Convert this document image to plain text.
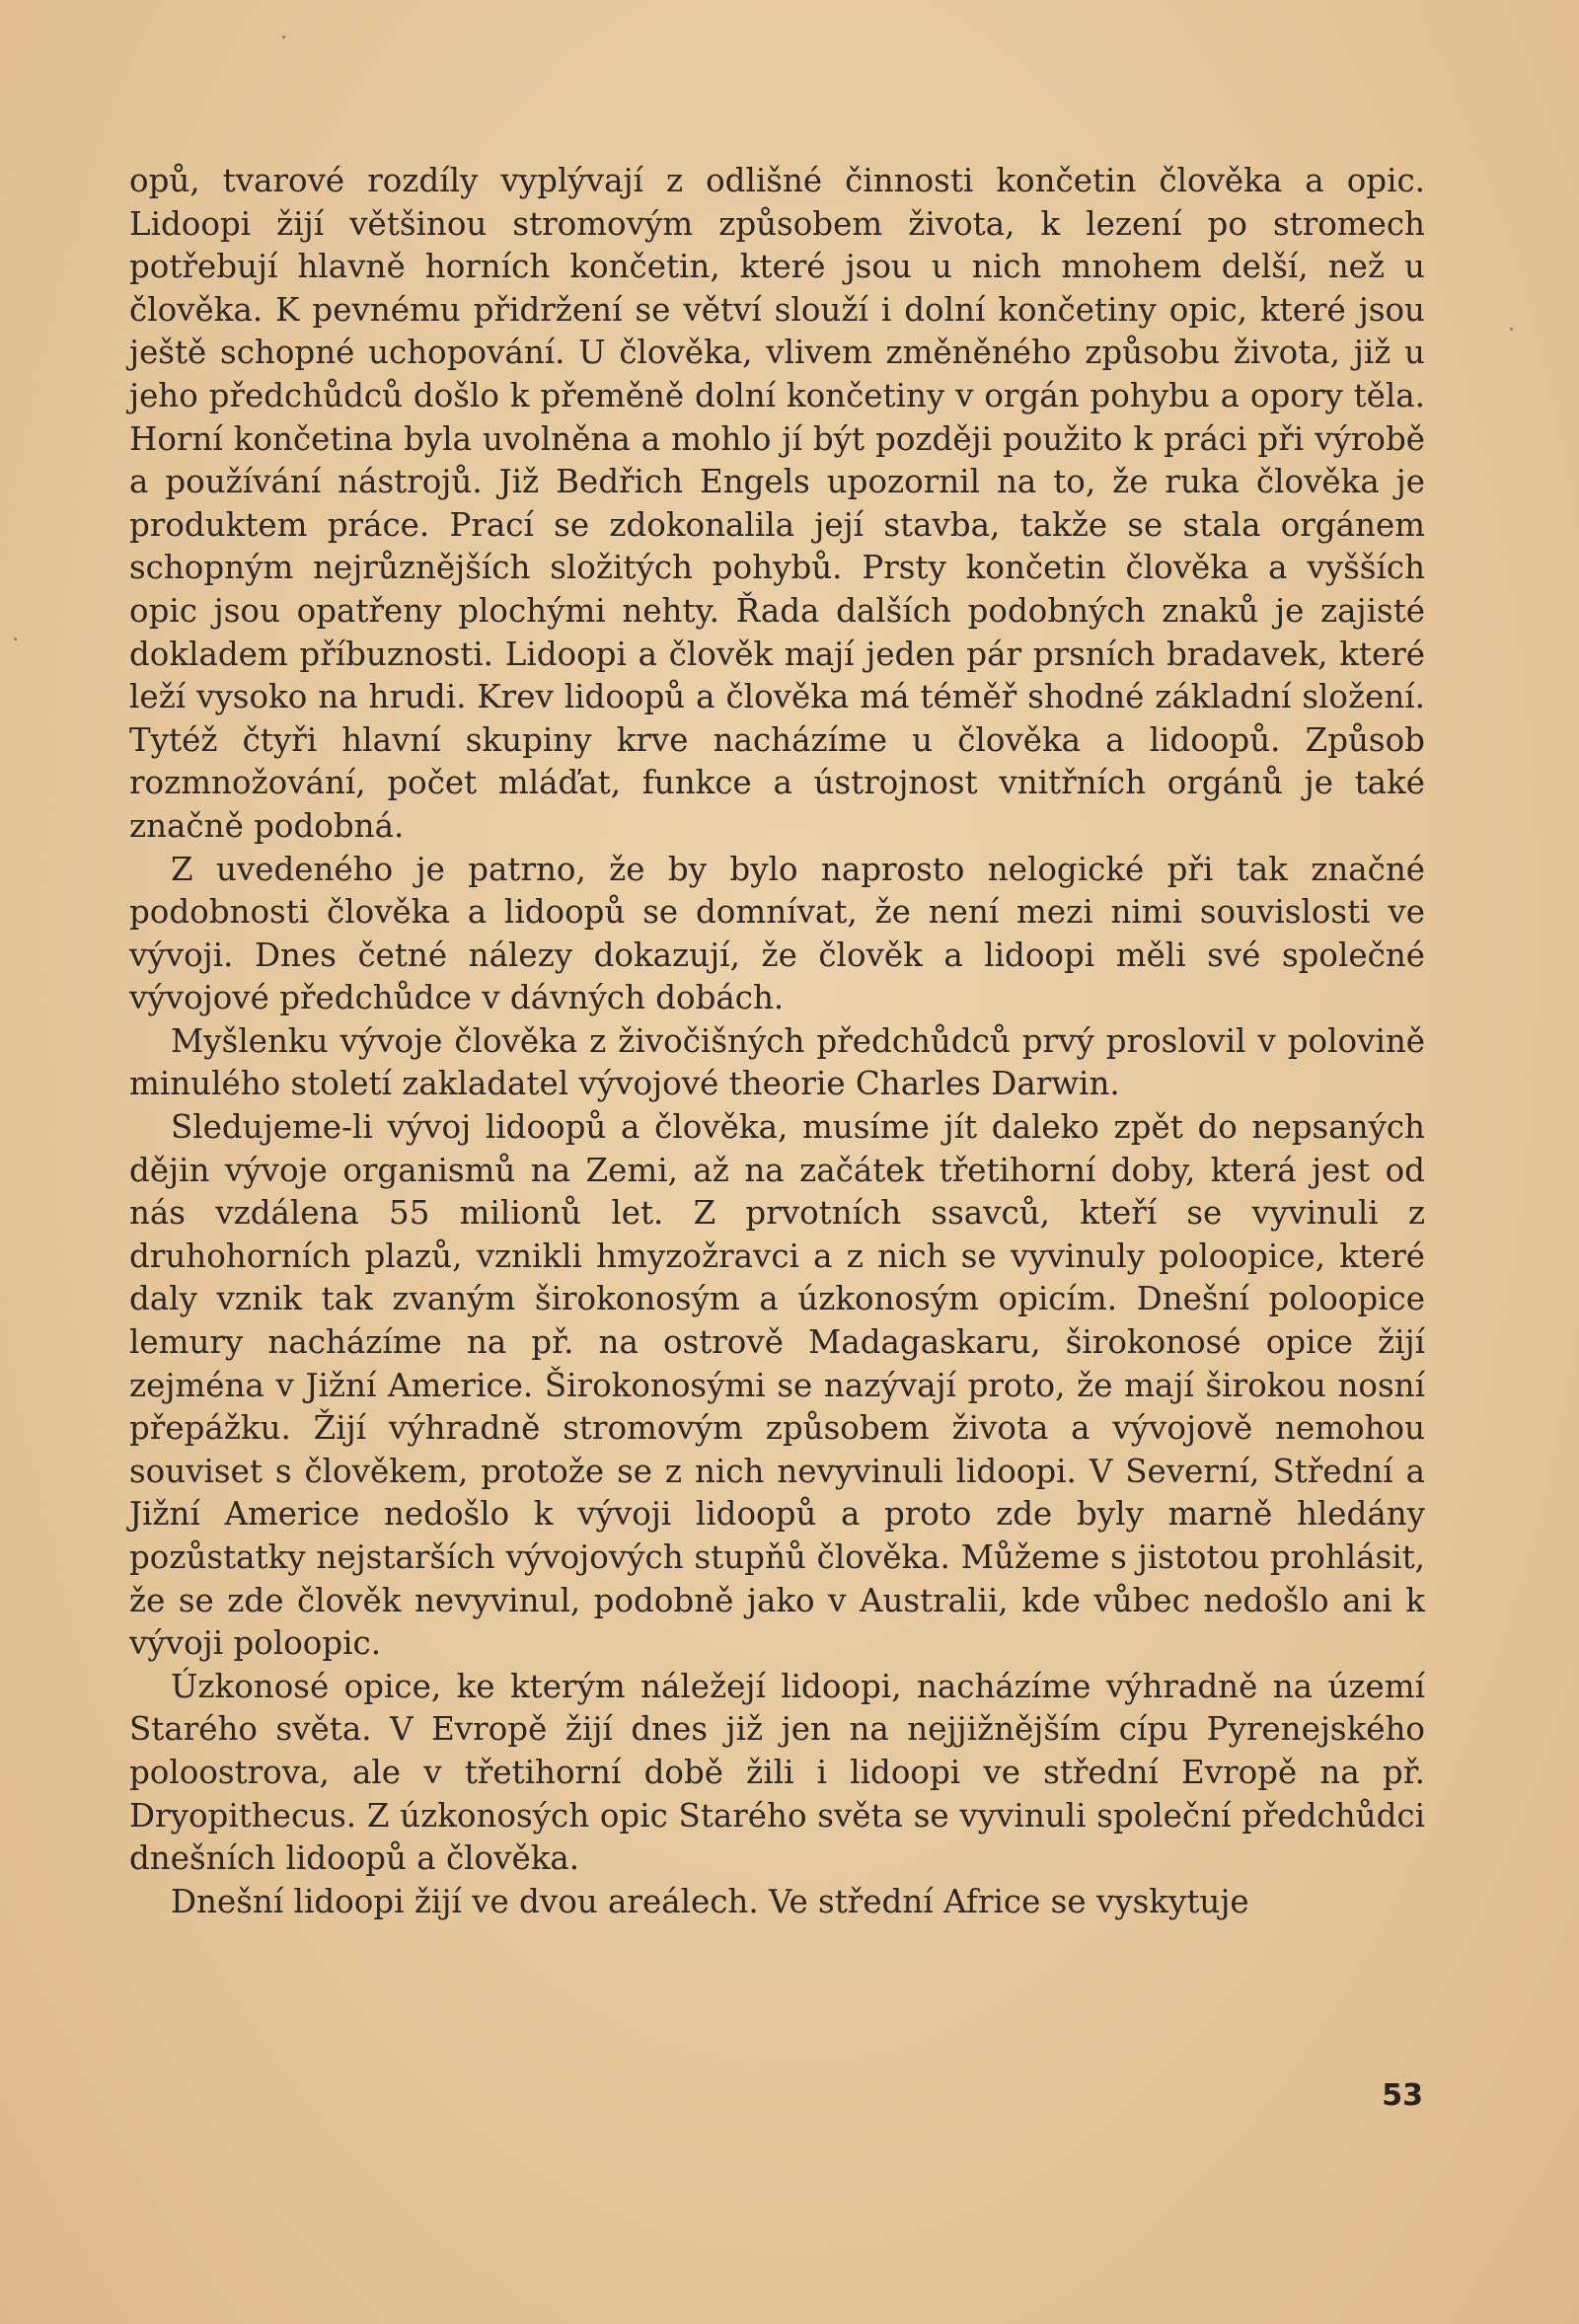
opů, tvarové rozdíly vyplývají z odlišné činnosti končetin člověka a opic. Lidoopi žijí většinou stromovým způsobem života, k lezení po stromech potřebují hlavně horních končetin, které jsou u nich mnohem delší, než u člověka. K pevnému přidržení se větví slouží i dolní končetiny opic, které jsou ještě schopné uchopování. U člověka, vlivem změněného způsobu života, již u jeho předchůdců došlo k přeměně dolní končetiny v orgán pohybu a opory těla. Horní končetina byla uvolněna a mohlo jí být později použito k práci při výrobě a používání nástrojů. Již Bedřich Engels upozornil na to, že ruka člověka je produktem práce. Prací se zdokonalila její stavba, takže se stala orgánem schopným nejrůznějších složitých pohybů. Prsty končetin člověka a vyšších opic jsou opatřeny plochými nehty. Řada dalších podobných znaků je zajisté dokladem příbuznosti. Lidoopi a člověk mají jeden pár prsních bradavek, které leží vysoko na hrudi. Krev lidoopů a člověka má téměř shodné základní složení. Tytéž čtyři hlavní skupiny krve nacházíme u člověka a lidoopů. Způsob rozmnožování, počet mláďat, funkce a ústrojnost vnitřních orgánů je také značně podobná.

Z uvedeného je patrno, že by bylo naprosto nelogické při tak značné podobnosti člověka a lidoopů se domnívat, že není mezi nimi souvislosti ve vývoji. Dnes četné nálezy dokazují, že člověk a lidoopi měli své společné vývojové předchůdce v dávných dobách.

Myšlenku vývoje člověka z živočišných předchůdců prvý proslovil v polovině minulého století zakladatel vývojové theorie Charles Darwin.

Sledujeme-li vývoj lidoopů a člověka, musíme jít daleko zpět do nepsaných dějin vývoje organismů na Zemi, až na začátek třetihorní doby, která jest od nás vzdálena 55 milionů let. Z prvotních ssavců, kteří se vyvinuli z druhohorních plazů, vznikli hmyzožravci a z nich se vyvinuly poloopice, které daly vznik tak zvaným širokonosým a úzkonosým opicím. Dnešní poloopice lemury nacházíme na př. na ostrově Madagaskaru, širokonosé opice žijí zejména v Jižní Americe. Širokonosými se nazývají proto, že mají širokou nosní přepážku. Žijí výhradně stromovým způsobem života a vývojově nemohou souviset s člověkem, protože se z nich nevyvinuli lidoopi. V Severní, Střední a Jižní Americe nedošlo k vývoji lidoopů a proto zde byly marně hledány pozůstatky nejstarších vývojových stupňů člověka. Můžeme s jistotou prohlásit, že se zde člověk nevyvinul, podobně jako v Australii, kde vůbec nedošlo ani k vývoji poloopic.

Úzkonosé opice, ke kterým náležejí lidoopi, nacházíme výhradně na území Starého světa. V Evropě žijí dnes již jen na nejjižnějším cípu Pyrenejského poloostrova, ale v třetihorní době žili i lidoopi ve střední Evropě na př. Dryopithecus. Z úzkonosých opic Starého světa se vyvinuli společní předchůdci dnešních lidoopů a člověka.

Dnešní lidoopi žijí ve dvou areálech. Ve střední Africe se vyskytuje

53
